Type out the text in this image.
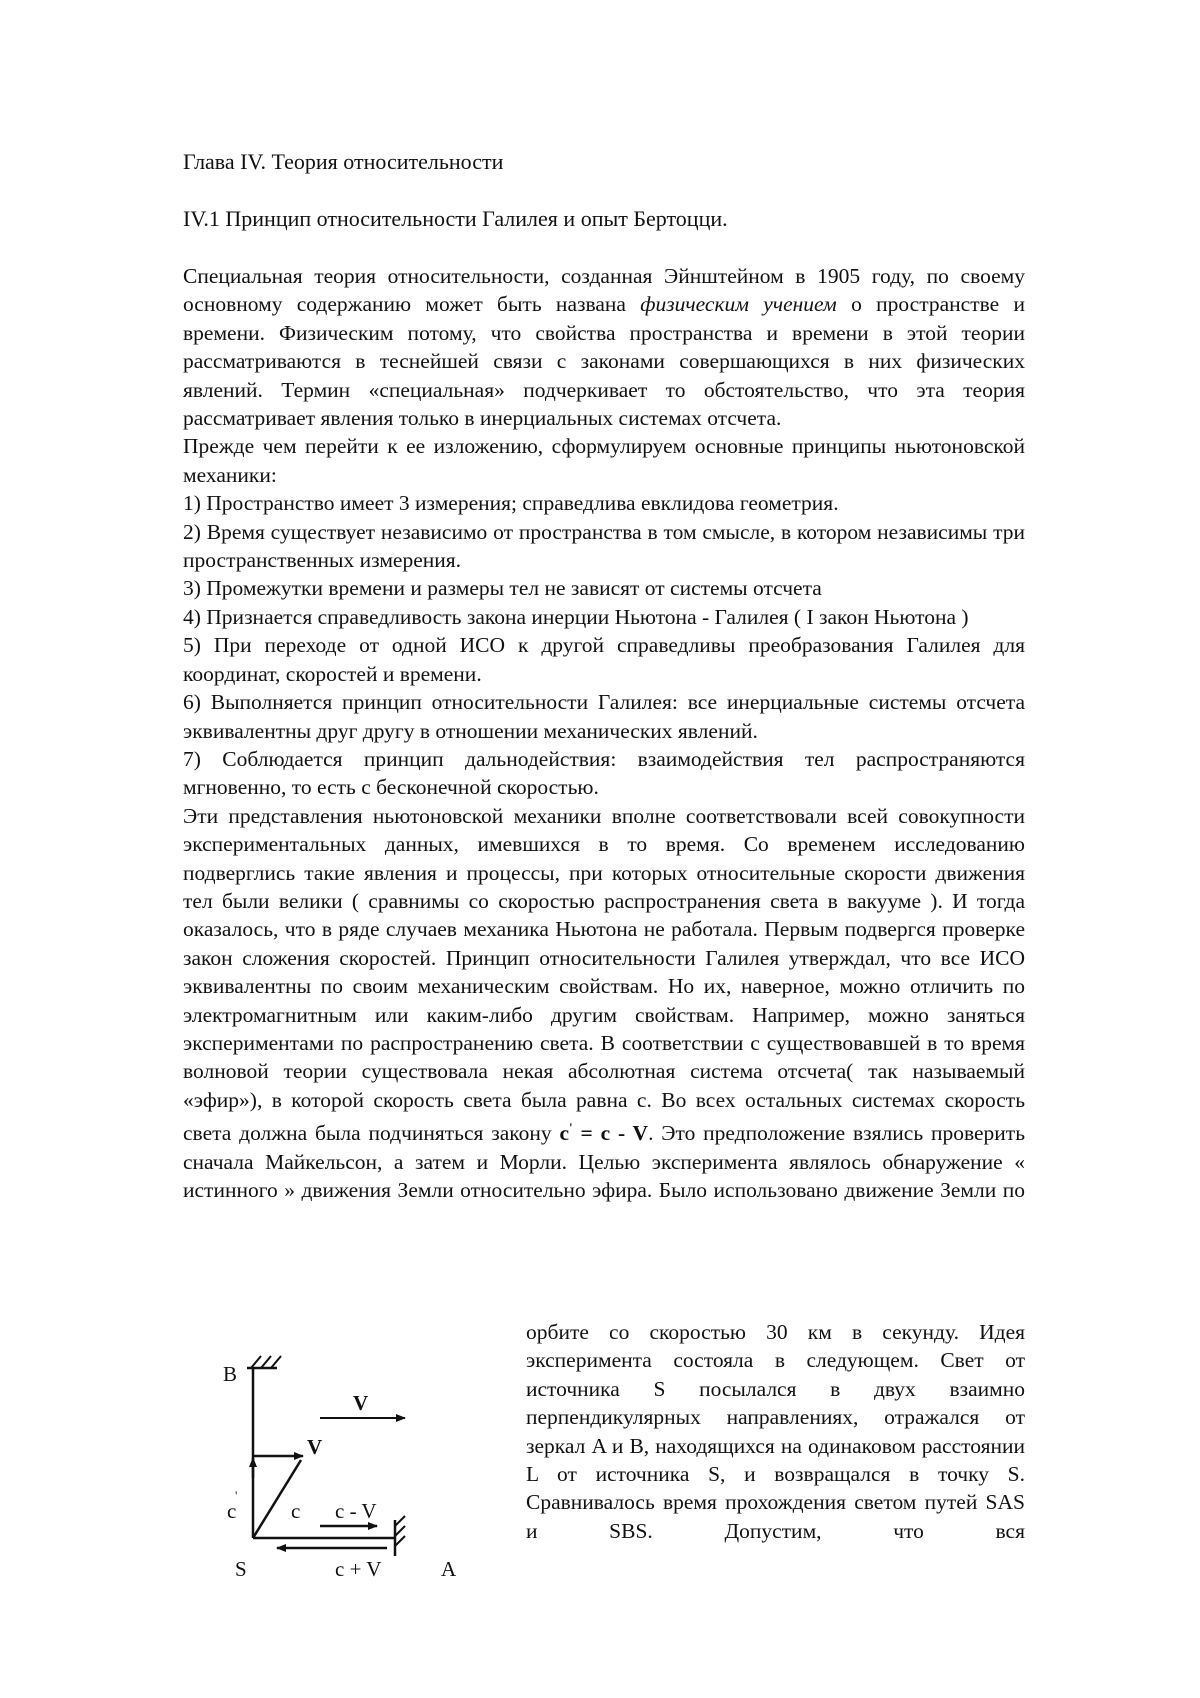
Глава IV. Теория относительности
IV.1 Принцип относительности Галилея и опыт Бертоцци.

Специальная теория относительности, созданная Эйнштейном в 1905 году, по своему основному содержанию может быть названа физическим учением о пространстве и времени. Физическим потому, что свойства пространства и времени в этой теории рассматриваются в теснейшей связи с законами совершающихся в них физических явлений. Термин «специальная» подчеркивает то обстоятельство, что эта теория рассматривает явления только в инерциальных системах отсчета.

Прежде чем перейти к ее изложению, сформулируем основные принципы ньютоновской механики:

1) Пространство имеет 3 измерения; справедлива евклидова геометрия.

2) Время существует независимо от пространства в том смысле, в котором независимы три пространственных измерения.

3) Промежутки времени и размеры тел не зависят от системы отсчета

4) Признается справедливость закона инерции Ньютона - Галилея ( I закон Ньютона )

5) При переходе от одной ИСО к другой справедливы преобразования Галилея для координат, скоростей и времени.

6) Выполняется принцип относительности Галилея: все инерциальные системы отсчета эквивалентны друг другу в отношении механических явлений.

7) Соблюдается принцип дальнодействия: взаимодействия тел распространяются мгновенно, то есть с бесконечной скоростью.

Эти представления ньютоновской механики вполне соответствовали всей совокупности экспериментальных данных, имевшихся в то время. Со временем исследованию подверглись такие явления и процессы, при которых относительные скорости движения тел были велики ( сравнимы со скоростью распространения света в вакууме ). И тогда оказалось, что в ряде случаев механика Ньютона не работала. Первым подвергся проверке закон сложения скоростей. Принцип относительности Галилея утверждал, что все ИСО эквивалентны по своим механическим свойствам. Но их, наверное, можно отличить по электромагнитным или каким-либо другим свойствам. Например, можно заняться экспериментами по распространению света. В соответствии с существовавшей в то время волновой теории существовала некая абсолютная система отсчета( так называемый «эфир»), в которой скорость света была равна с. Во всех остальных системах скорость света должна была подчиняться закону c' = c - V. Это предположение взялись проверить сначала Майкельсон, а затем и Морли. Целью эксперимента являлось обнаружение « истинного » движения Земли относительно эфира. Было использовано движение Земли по

орбите со скоростью 30 км в секунду. Идея эксперимента состояла в следующем. Свет от источника S посылался в двух взаимно перпендикулярных направлениях, отражался от зеркал A и B, находящихся на одинаковом расстоянии L от источника S, и возвращался в точку S. Сравнивалось время прохождения светом путей SAS и SBS. Допустим, что вся

B
V
V
c
'
c c - V
S	c + V	A
